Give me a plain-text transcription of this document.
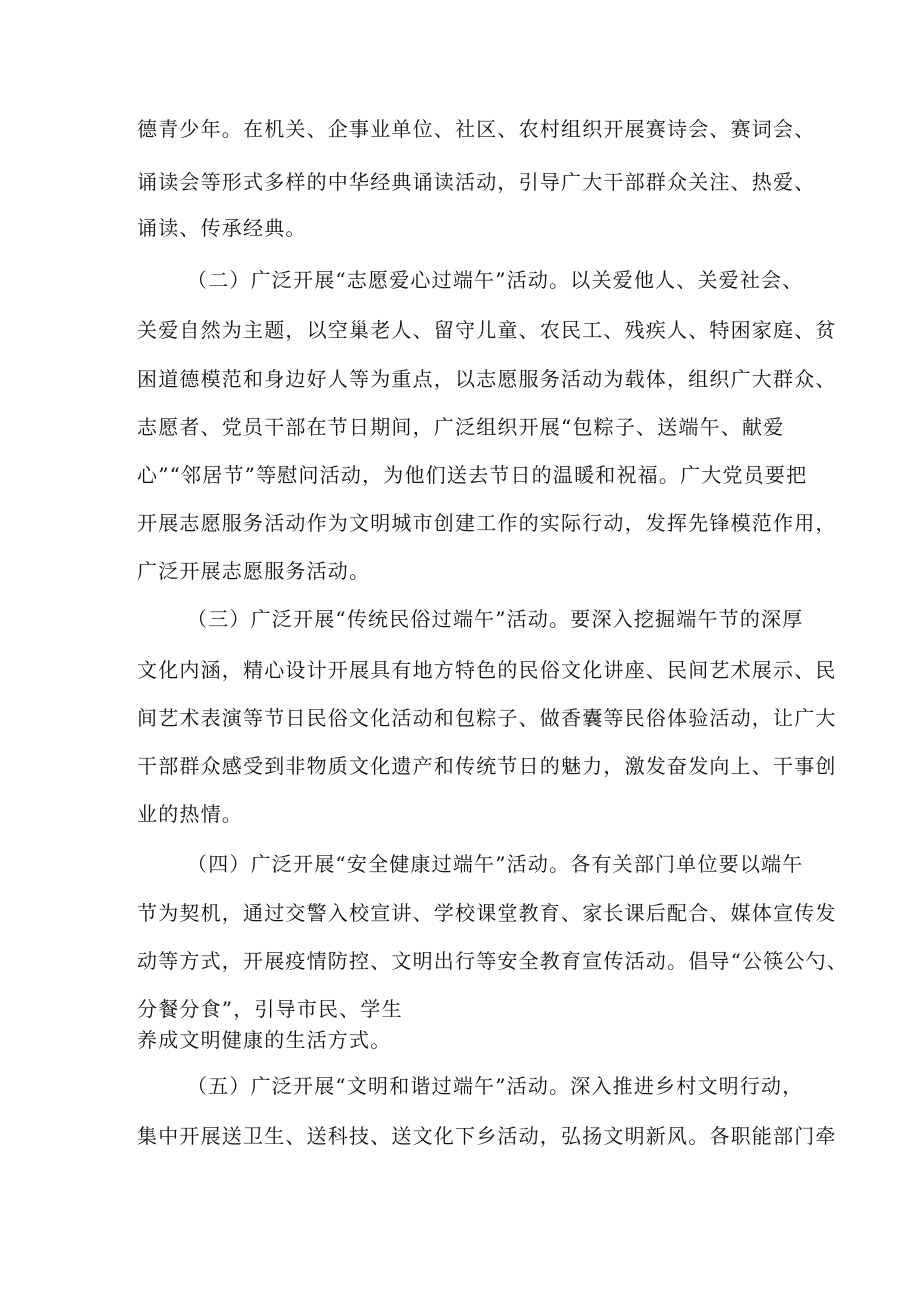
德青少年。在机关、企事业单位、社区、农村组织开展赛诗会、赛词会、
诵读会等形式多样的中华经典诵读活动，引导广大干部群众关注、热爱、
诵读、传承经典。
（二）广泛开展“志愿爱心过端午”活动。以关爱他人、关爱社会、
关爱自然为主题，以空巢老人、留守儿童、农民工、残疾人、特困家庭、贫
困道德模范和身边好人等为重点，以志愿服务活动为载体，组织广大群众、
志愿者、党员干部在节日期间，广泛组织开展“包粽子、送端午、献爱
心”“邻居节”等慰问活动，为他们送去节日的温暖和祝福。广大党员要把
开展志愿服务活动作为文明城市创建工作的实际行动，发挥先锋模范作用，
广泛开展志愿服务活动。
（三）广泛开展“传统民俗过端午”活动。要深入挖掘端午节的深厚
文化内涵，精心设计开展具有地方特色的民俗文化讲座、民间艺术展示、民
间艺术表演等节日民俗文化活动和包粽子、做香囊等民俗体验活动，让广大
干部群众感受到非物质文化遗产和传统节日的魅力，激发奋发向上、干事创
业的热情。
（四）广泛开展“安全健康过端午”活动。各有关部门单位要以端午
节为契机，通过交警入校宣讲、学校课堂教育、家长课后配合、媒体宣传发
动等方式，开展疫情防控、文明出行等安全教育宣传活动。倡导“公筷公勺、
分餐分食”，引导市民、学生
养成文明健康的生活方式。
（五）广泛开展“文明和谐过端午”活动。深入推进乡村文明行动，
集中开展送卫生、送科技、送文化下乡活动，弘扬文明新风。各职能部门牵
